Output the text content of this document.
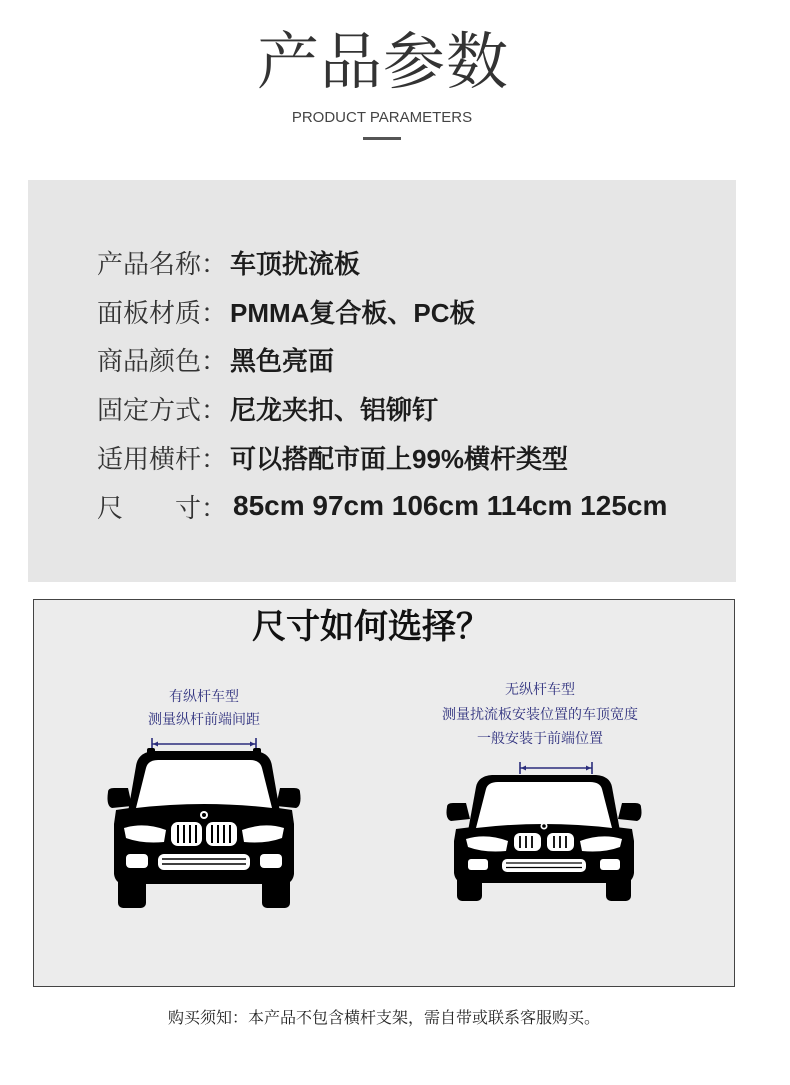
产品参数
PRODUCT PARAMETERS
产品名称： 车顶扰流板
面板材质： PMMA复合板、PC板
商品颜色： 黑色亮面
固定方式： 尼龙夹扣、铝铆钉
适用横杆： 可以搭配市面上99%横杆类型
尺　　寸： 85cm 97cm 106cm 114cm 125cm
尺寸如何选择？
有纵杆车型
测量纵杆前端间距
无纵杆车型
测量扰流板安装位置的车顶宽度
一般安装于前端位置
购买须知：本产品不包含横杆支架，需自带或联系客服购买。
